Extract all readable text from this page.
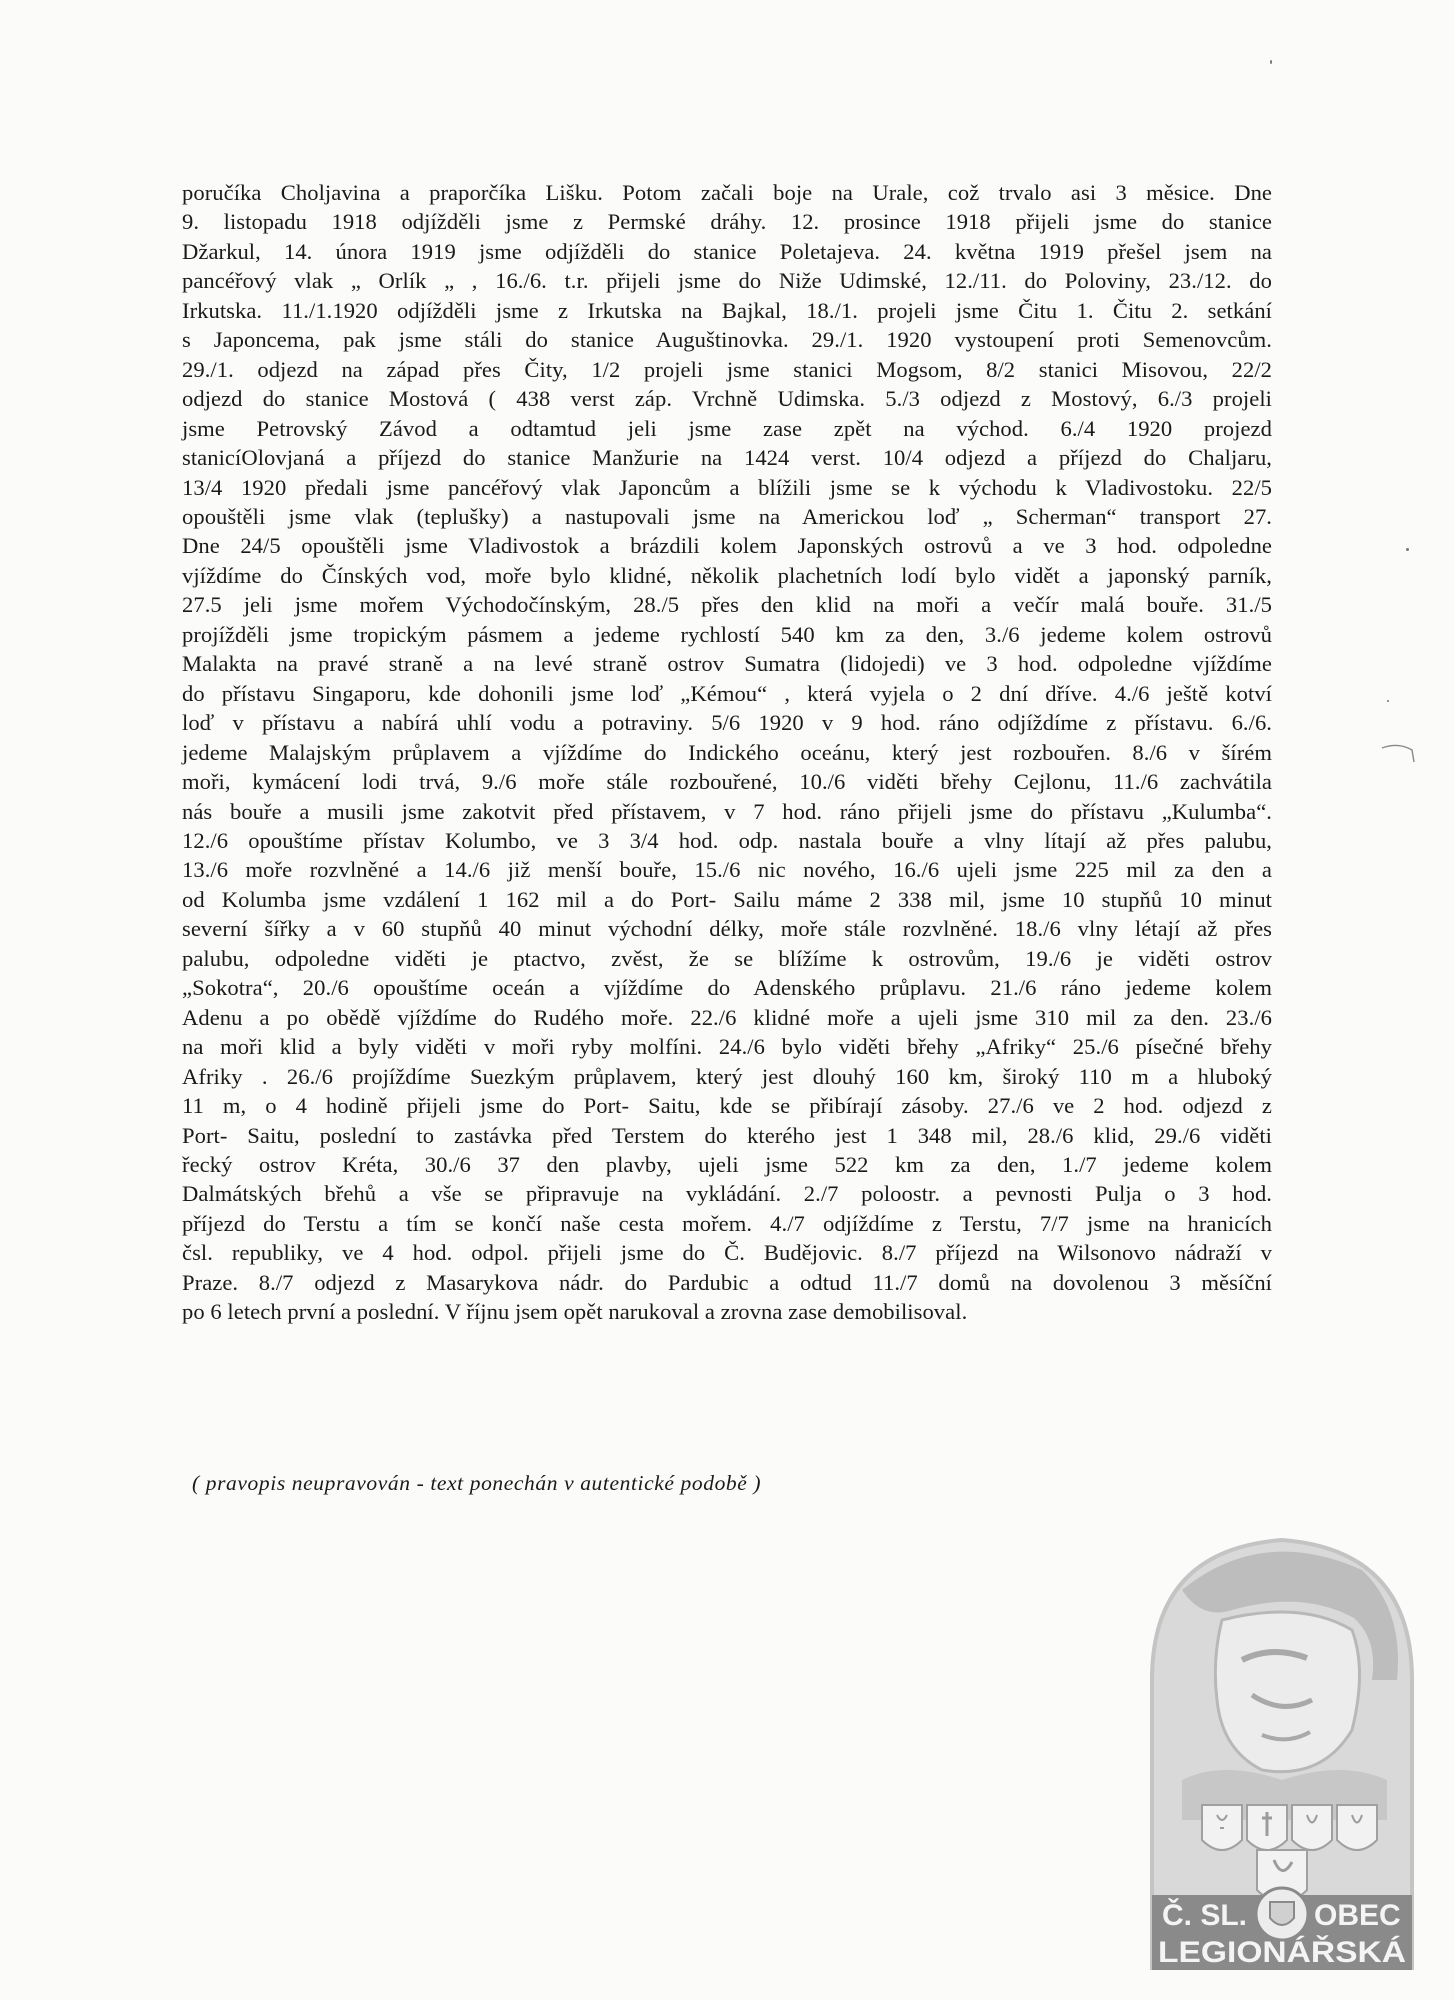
poručíka Choljavina a praporčíka Lišku. Potom začali boje na Urale, což trvalo asi 3 měsice. Dne
9. listopadu 1918 odjížděli jsme z Permské dráhy. 12. prosince 1918 přijeli jsme do stanice
Džarkul, 14. února 1919 jsme odjížděli do stanice Poletajeva. 24. května 1919 přešel jsem na
pancéřový vlak „ Orlík „ , 16./6. t.r. přijeli jsme do Niže Udimské, 12./11. do Poloviny, 23./12. do
Irkutska. 11./1.1920 odjížděli jsme z Irkutska na Bajkal, 18./1. projeli jsme Čitu 1. Čitu 2. setkání
s Japoncema, pak jsme stáli do stanice Auguštinovka. 29./1. 1920 vystoupení proti Semenovcům.
29./1. odjezd na západ přes Čity, 1/2 projeli jsme stanici Mogsom, 8/2 stanici Misovou, 22/2
odjezd do stanice Mostová ( 438 verst záp. Vrchně Udimska. 5./3 odjezd z Mostový, 6./3 projeli
jsme Petrovský Závod a odtamtud jeli jsme zase zpět na východ. 6./4 1920 projezd
stanicíOlovjaná a příjezd do stanice Manžurie na 1424 verst. 10/4 odjezd a příjezd do Chaljaru,
13/4 1920 předali jsme pancéřový vlak Japoncům a blížili jsme se k východu k Vladivostoku. 22/5
opouštěli jsme vlak (teplušky) a nastupovali jsme na Americkou loď „ Scherman“ transport 27.
Dne 24/5 opouštěli jsme Vladivostok a brázdili kolem Japonských ostrovů a ve 3 hod. odpoledne
vjíždíme do Čínských vod, moře bylo klidné, několik plachetních lodí bylo vidět a japonský parník,
27.5 jeli jsme mořem Východočínským, 28./5 přes den klid na moři a večír malá bouře. 31./5
projížděli jsme tropickým pásmem a jedeme rychlostí 540 km za den, 3./6 jedeme kolem ostrovů
Malakta na pravé straně a na levé straně ostrov Sumatra (lidojedi) ve 3 hod. odpoledne vjíždíme
do přístavu Singaporu, kde dohonili jsme loď „Kémou“ , která vyjela o 2 dní dříve. 4./6 ještě kotví
loď v přístavu a nabírá uhlí vodu a potraviny. 5/6 1920 v 9 hod. ráno odjíždíme z přístavu. 6./6.
jedeme Malajským průplavem a vjíždíme do Indického oceánu, který jest rozbouřen. 8./6 v šírém
moři, kymácení lodi trvá, 9./6 moře stále rozbouřené, 10./6 viděti břehy Cejlonu, 11./6 zachvátila
nás bouře a musili jsme zakotvit před přístavem, v 7 hod. ráno přijeli jsme do přístavu „Kulumba“.
12./6 opouštíme přístav Kolumbo, ve 3 3/4 hod. odp. nastala bouře a vlny lítají až přes palubu,
13./6 moře rozvlněné a 14./6 již menší bouře, 15./6 nic nového, 16./6 ujeli jsme 225 mil za den a
od Kolumba jsme vzdálení 1 162 mil a do Port- Sailu máme 2 338 mil, jsme 10 stupňů 10 minut
severní šířky a v 60 stupňů 40 minut východní délky, moře stále rozvlněné. 18./6 vlny létají až přes
palubu, odpoledne viděti je ptactvo, zvěst, že se blížíme k ostrovům, 19./6 je viděti ostrov
„Sokotra“, 20./6 opouštíme oceán a vjíždíme do Adenského průplavu. 21./6 ráno jedeme kolem
Adenu a po obědě vjíždíme do Rudého moře. 22./6 klidné moře a ujeli jsme 310 mil za den. 23./6
na moři klid a byly viděti v moři ryby molfíni. 24./6 bylo viděti břehy „Afriky“ 25./6 písečné břehy
Afriky . 26./6 projíždíme Suezkým průplavem, který jest dlouhý 160 km, široký 110 m a hluboký
11 m, o 4 hodině přijeli jsme do Port- Saitu, kde se přibírají zásoby. 27./6 ve 2 hod. odjezd z
Port- Saitu, poslední to zastávka před Terstem do kterého jest 1 348 mil, 28./6 klid, 29./6 viděti
řecký ostrov Kréta, 30./6 37 den plavby, ujeli jsme 522 km za den, 1./7 jedeme kolem
Dalmátských břehů a vše se připravuje na vykládání. 2./7 poloostr. a pevnosti Pulja o 3 hod.
příjezd do Terstu a tím se končí naše cesta mořem. 4./7 odjíždíme z Terstu, 7/7 jsme na hranicích
čsl. republiky, ve 4 hod. odpol. přijeli jsme do Č. Budějovic. 8./7 příjezd na Wilsonovo nádraží v
Praze. 8./7 odjezd z Masarykova nádr. do Pardubic a odtud 11./7 domů na dovolenou 3 měsíční
po 6 letech první a poslední. V říjnu jsem opět narukoval a zrovna zase demobilisoval.

( pravopis neupravován - text ponechán v autentické podobě )

Č. SL. OBEC
LEGIONÁŘSKÁ
